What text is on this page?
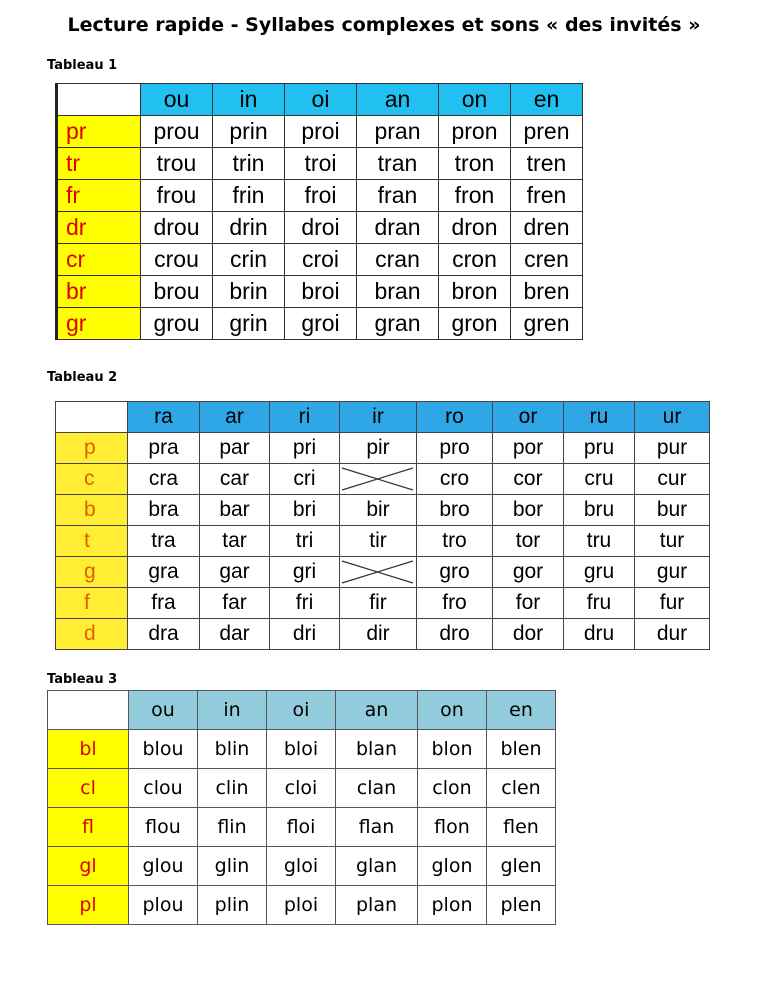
Lecture rapide - Syllabes complexes et sons « des invités »
Tableau 1
	ou	in	oi	an	on	en
pr	prou	prin	proi	pran	pron	pren
tr	trou	trin	troi	tran	tron	tren
fr	frou	frin	froi	fran	fron	fren
dr	drou	drin	droi	dran	dron	dren
cr	crou	crin	croi	cran	cron	cren
br	brou	brin	broi	bran	bron	bren
gr	grou	grin	groi	gran	gron	gren
Tableau 2
	ra	ar	ri	ir	ro	or	ru	ur
p	pra	par	pri	pir	pro	por	pru	pur
c	cra	car	cri		cro	cor	cru	cur
b	bra	bar	bri	bir	bro	bor	bru	bur
t	tra	tar	tri	tir	tro	tor	tru	tur
g	gra	gar	gri		gro	gor	gru	gur
f	fra	far	fri	fir	fro	for	fru	fur
d	dra	dar	dri	dir	dro	dor	dru	dur
Tableau 3
	ou	in	oi	an	on	en
bl	blou	blin	bloi	blan	blon	blen
cl	clou	clin	cloi	clan	clon	clen
fl	flou	flin	floi	flan	flon	flen
gl	glou	glin	gloi	glan	glon	glen
pl	plou	plin	ploi	plan	plon	plen
